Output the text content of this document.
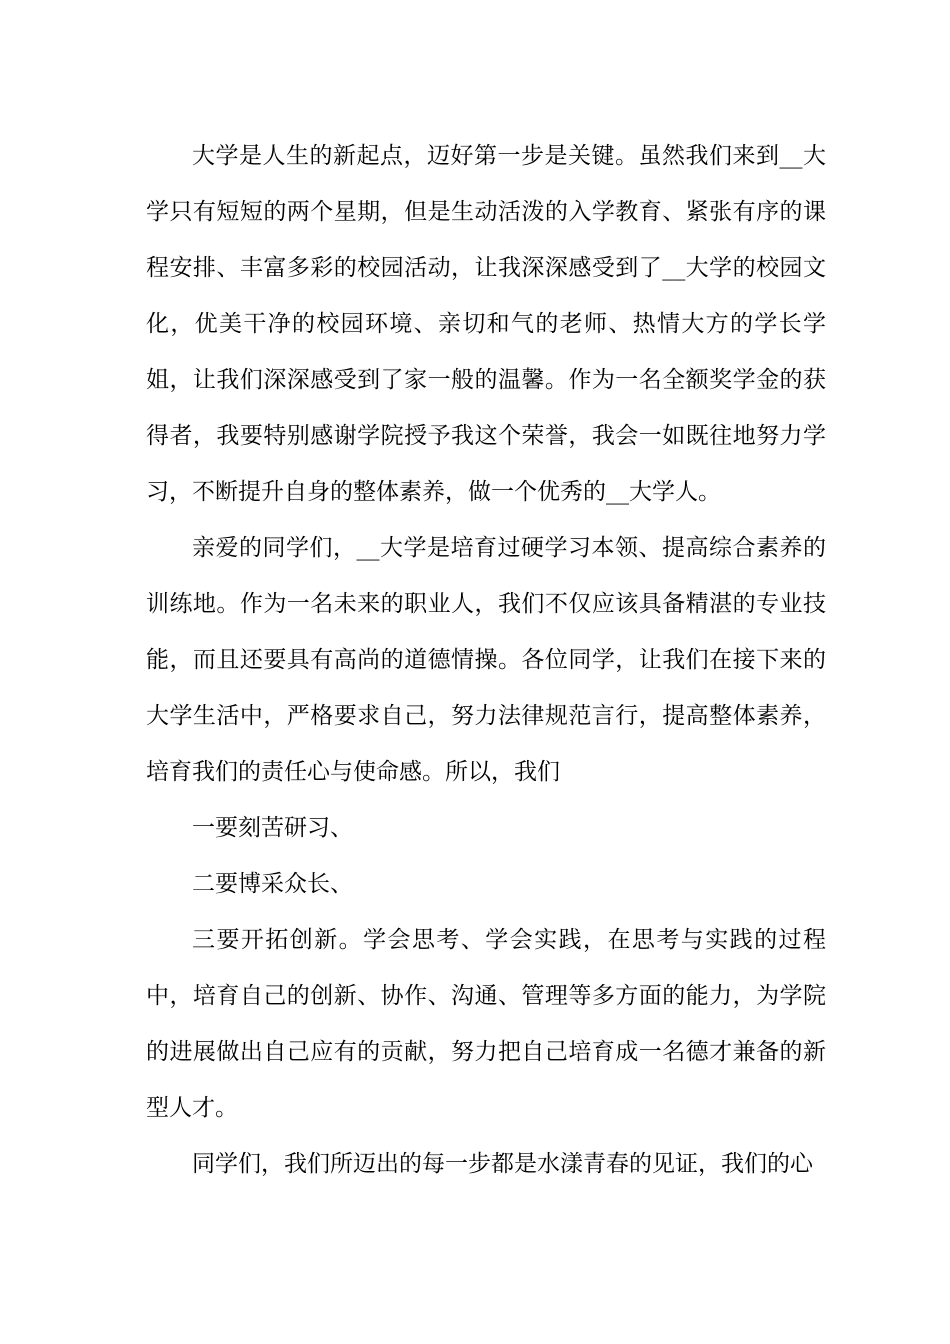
大学是人生的新起点，迈好第一步是关键。虽然我们来到__大学只有短短的两个星期，但是生动活泼的入学教育、紧张有序的课程安排、丰富多彩的校园活动，让我深深感受到了__大学的校园文化，优美干净的校园环境、亲切和气的老师、热情大方的学长学姐，让我们深深感受到了家一般的温馨。作为一名全额奖学金的获得者，我要特别感谢学院授予我这个荣誉，我会一如既往地努力学习，不断提升自身的整体素养，做一个优秀的__大学人。

亲爱的同学们，__大学是培育过硬学习本领、提高综合素养的训练地。作为一名未来的职业人，我们不仅应该具备精湛的专业技能，而且还要具有高尚的道德情操。各位同学，让我们在接下来的大学生活中，严格要求自己，努力法律规范言行，提高整体素养，培育我们的责任心与使命感。所以，我们

一要刻苦研习、

二要博采众长、

三要开拓创新。学会思考、学会实践，在思考与实践的过程中，培育自己的创新、协作、沟通、管理等多方面的能力，为学院的进展做出自己应有的贡献，努力把自己培育成一名德才兼备的新型人才。

同学们，我们所迈出的每一步都是水漾青春的见证，我们的心
